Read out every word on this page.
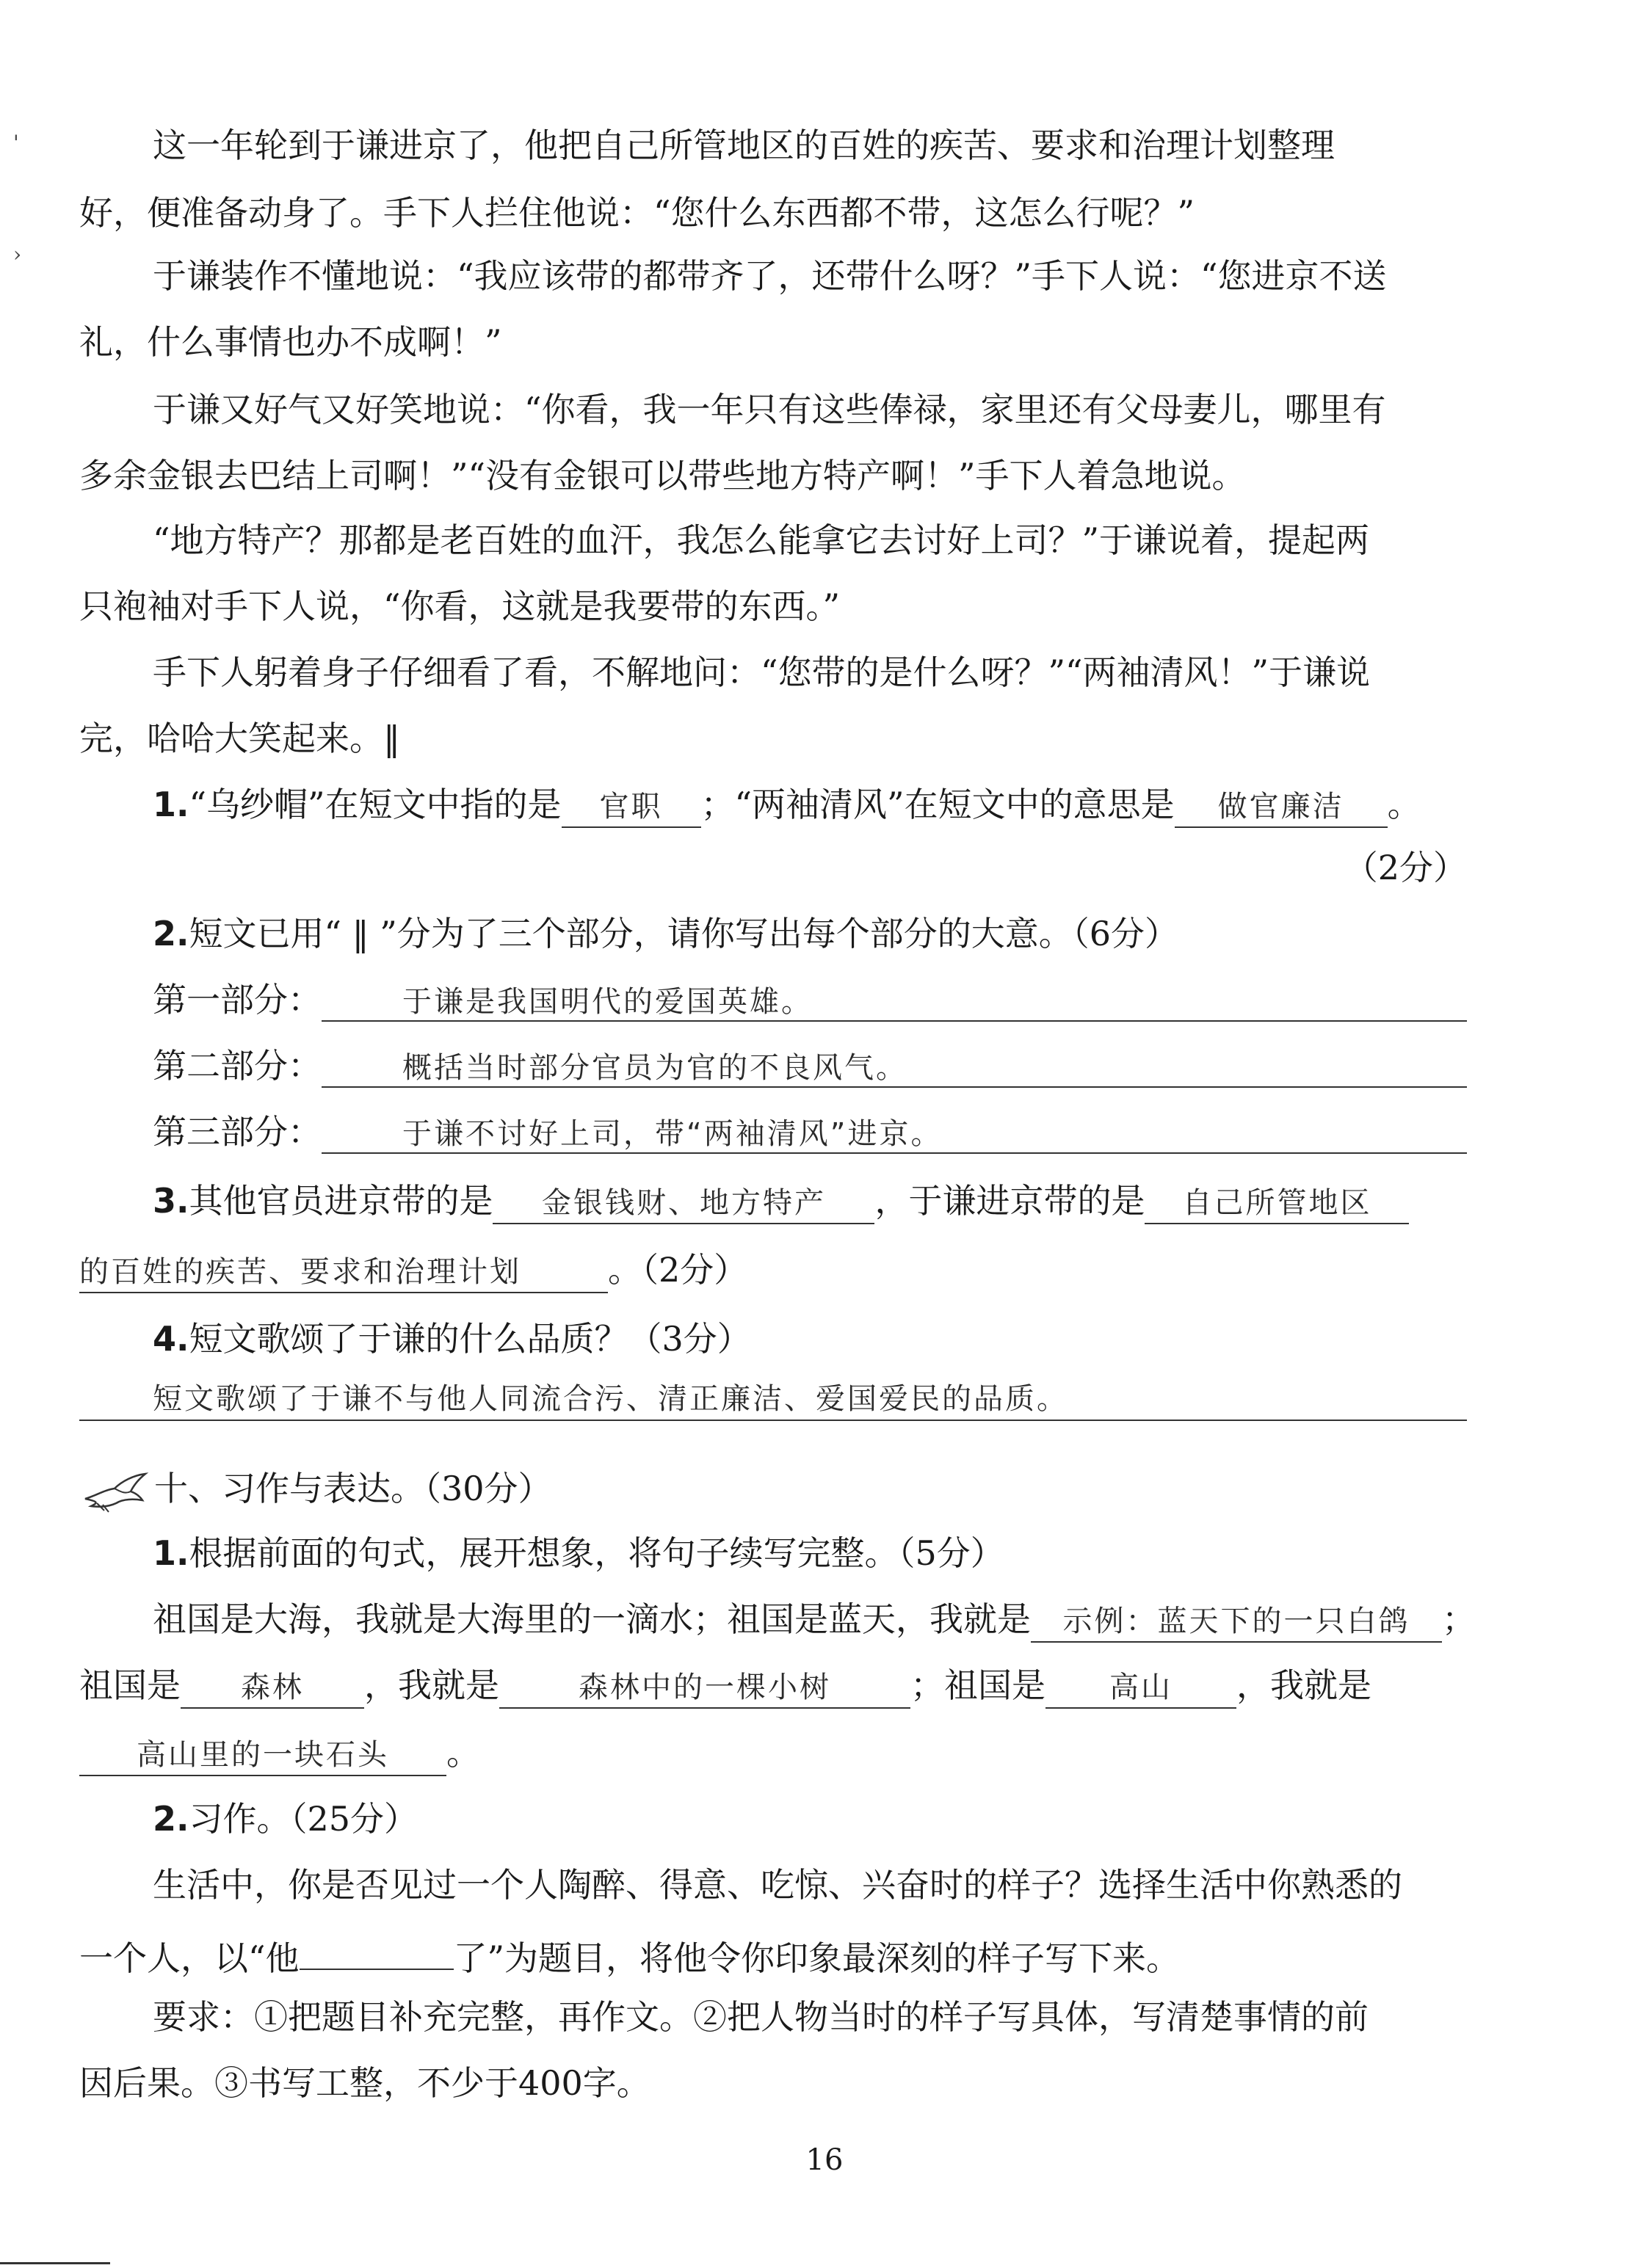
'
›
这一年轮到于谦进京了，他把自己所管地区的百姓的疾苦、要求和治理计划整理
好，便准备动身了。手下人拦住他说：“您什么东西都不带，这怎么行呢？”
于谦装作不懂地说：“我应该带的都带齐了，还带什么呀？”手下人说：“您进京不送
礼，什么事情也办不成啊！”
于谦又好气又好笑地说：“你看，我一年只有这些俸禄，家里还有父母妻儿，哪里有
多余金银去巴结上司啊！”“没有金银可以带些地方特产啊！”手下人着急地说。
“地方特产？那都是老百姓的血汗，我怎么能拿它去讨好上司？”于谦说着，提起两
只袍袖对手下人说，“你看，这就是我要带的东西。”
手下人躬着身子仔细看了看，不解地问：“您带的是什么呀？”“两袖清风！”于谦说
完，哈哈大笑起来。‖
1.“乌纱帽”在短文中指的是 官职 ；“两袖清风”在短文中的意思是 做官廉洁 。
（2分）
2.短文已用“ ‖ ”分为了三个部分，请你写出每个部分的大意。（6分）
第一部分：	于谦是我国明代的爱国英雄。
第二部分：	概括当时部分官员为官的不良风气。
第三部分：	于谦不讨好上司，带“两袖清风”进京。
3.其他官员进京带的是 金银钱财、地方特产 ，于谦进京带的是 自己所管地区
的百姓的疾苦、要求和治理计划	。（2分）
4.短文歌颂了于谦的什么品质？（3分）
短文歌颂了于谦不与他人同流合污、清正廉洁、爱国爱民的品质。
十、习作与表达。（30分）
1.根据前面的句式，展开想象，将句子续写完整。（5分）
祖国是大海，我就是大海里的一滴水；祖国是蓝天，我就是 示例：蓝天下的一只白鸽 ；
祖国是 森林 ，我就是	森林中的一棵小树 ；祖国是 高山 ，我就是
高山里的一块石头 。
2.习作。（25分）
生活中，你是否见过一个人陶醉、得意、吃惊、兴奋时的样子？选择生活中你熟悉的
一个人，以“他	了”为题目，将他令你印象最深刻的样子写下来。
要求：①把题目补充完整，再作文。②把人物当时的样子写具体，写清楚事情的前
因后果。③书写工整，不少于400字。
16
